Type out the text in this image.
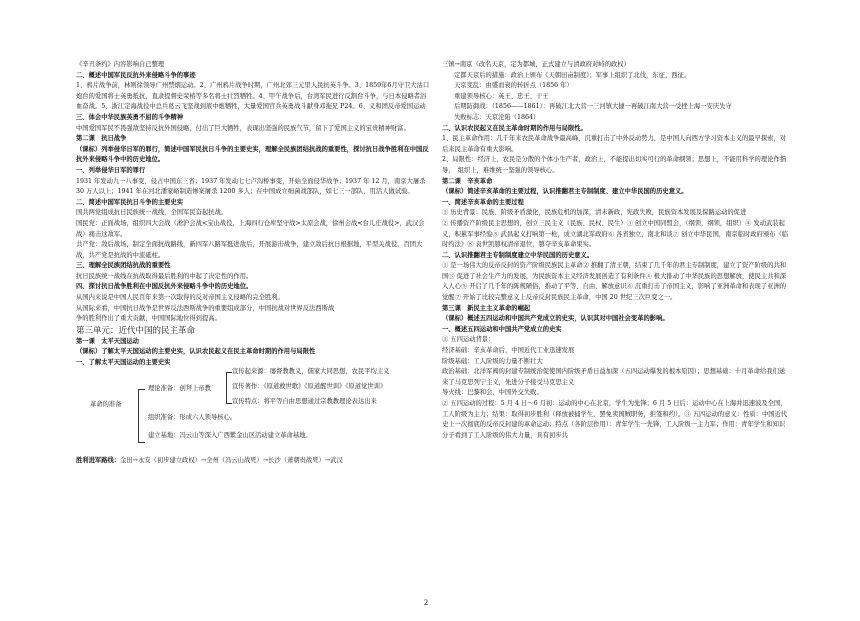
《辛丑条约》内容影响自己整理

二、概述中国军民反抗外来侵略斗争的事迹

1、鸦片战争前，林则徐领导广州禁烟运动。2、广州鸦片战争时期，广州北郊三元里人民抗英斗争。3、1859年6月守卫大沽口炮台的爱国将士英勇抵抗，直隶提督史荣椿等多名将士壮烈牺牲。4、甲午战争后，台湾军民进行反割台斗争，与日本侵略者浴血奋战。5、浙江定海战役中总兵葛云飞坚战到底中炮牺牲，大量爱国官兵英勇战斗献身邓拖兄 P24。6、义和团反帝爱国运动

三、体会中华民族英勇不屈的斗争精神

中国爱国军民不畏强敌坚持反抗外国侵略，付出了巨大牺牲，表现出坚强的民族气节，留下了爱国主义的宝贵精神财富。

第二课　抗日战争

（课标）列举侵华日军的罪行，简述中国军民抗日斗争的主要史实，理解全民族团结抗战的重要性，探讨抗日战争胜利在中国反抗外来侵略斗争中的历史地位。

一、列举侵华日军的罪行

1931 年发动九一八事变，侵占中国东三省；1937 年发动七七卢沟桥事变，开始全面侵华战争；1937 年 12 月，南京大屠杀 30 万人以上；1941 年在河北潘家峪制造惨案屠杀 1200 多人；在中国成立细菌战部队，如七三一部队，用活人做试验。

二、简述中国军民抗日斗争的主要史实

国共两党组成抗日民族统一战线，全国军民奋起抗战。

国民党：正面战场，组织四大会战（淞沪会战<宝山战役，上海四行仓库坚守战>太原会战，徐州会战<台儿庄战役>，武汉会战）痛击这敌军。

共产党：敌后战场，制定全面抗战路线，新四军八路军挺进敌后，开展游击战争，建立敌后抗日根据地，平型关战役，百团大战，共产党是抗战的中流砥柱。

三、理解全民族团结抗战的重要性

抗日民族统一战线在抗战取得最后胜利的中起了决定性的作用。

四、探讨抗日战争胜利在中国反抗外来侵略斗争中的历史地位。

从国内来说是中国人民百年来第一次取得的反对帝国主义侵略的完全胜利。

从国际来看，中国抗日战争是世界反法西斯战争的重要组成部分，中国抗战对世界反法西斯战

争的胜利作出了重大贡献，中国国际地位得到提高。

第三单元：近代中国的民主革命

第一课　太平天国运动

（课标）了解太平天国运动的主要史实，认识农民起义在民主革命时期的作用与局限性

一、了解太平天国运动的主要史实

革命的准备
理论准备：创拜上帝教
宣传起来源：屡督教教义，儒家大同思想，农民平均主义
宣传著作：《原道救世歌》《原道醒世训》《原道觉世训》
宣传特点：将平等自由思想通过宗教教理论表达出来
组织准备：形成六人领导核心。
建立基地：冯云山等深入广西紫金山区活动建立革命基地。

胜利进军路线：金田→永安（初步建立政权）→全州（冯云山战死）→长沙（萧朝贵战死）→武汉

三镇→南京（改名天京，定为都城，正式建立与清政府对峙的政权）

定都天京后的措施：政治上颁布《天朝田亩制度》；军事上组织了北伐，东征，西征。

天京变乱：由盛而衰的转折点（1856 年）

重建领导核心：英王、忠王、干王

后期防御战：（1856——1861）：再破江北大营一三河镇大捷一再破江南大营一受挫上海一安庆失守

失败标志：天京沦陷（1864）

二、认识农民起义在民主革命时期的作用与局限性。

1、民主革命作用：几千年来农民革命战争最高峰，沉重打击了中外反动势力，是中国人向西方学习资本主义的最早探索，对后来民主革命有重大影响。

2、局限性：经济上，农民是分散的个体小生产者，政治上，不能提出切实可行的革命纲领；思想上，不能用科学的理论作指导，　组织上，难维统一坚强的领导核心。

第二课　辛亥革命

（课标）简述辛亥革命的主要过程，认识推翻君主专制制度、建立中华民国的历史意义。

一、简述辛亥革命的主要过程

① 历史背景：民族、阶级矛盾激化，民族危机的加深，清末新政，宪政失败，民族资本发展及保路运动的促进

② 传播资产阶级民主思想的，创立三民主义（民族、民权、民生）③ 创立中国同盟会，（纲领，纲领，组织）④ 发动武装起义，积累军事经验⑤ 武昌起义打响第一枪，成立湖北军政府⑥ 各省独立，南北和谈⑦ 创立中华民国，南京临时政府颁布《临时约法》⑧ 袁世凯篡权清帝退位，篡夺辛亥革命果实。

二、认识推翻君主专制制度建立中华民国的历史意义。

① 是一场伟大的反帝反封的资产阶级民族民主革命② 推翻了清王朝，结束了几千年的君主专制制度，建立了资产阶级的共和国③ 促进了社会生产力的发展，为民族资本主义经济发展创造了有利条件④ 极大推动了中华民族的思想解放，使民主共和深入人心⑤ 开启了几千年的陈规陋俗，推动了平等、自由、解放意识⑥ 沉重打击了帝国主义，影响了亚洲革命和表现了亚洲的觉醒⑦ 开始了比较完整意义上反帝反封民族民主革命，中国 20 世纪三次巨变之一。

第三课　新民主主义革命的崛起

（课标）概述五四运动和中国共产党成立的史实，认识其对中国社会变革的影响。

一、概述五四运动和中国共产党成立的史实

① 五四运动背景：

经济基础：辛亥革命后，中国近代工业迅速发展

阶级基础：工人阶级的力量不断壮大

政治基础：北洋军阀的封建专制统治促使国内阶级矛盾日益加深（五四运动爆发的根本原因）；思想基础：十月革命给我们送来了马克思列宁主义，先进分子接受马克思主义

导火线：巴黎和会，中国外交失败。

② 五四运动的过程：5 月 4 日～6 月初：运动的中心在北京，学生为先锋；6 月 5 日后：运动中心在上海并迅速波及全国，工人阶级为主力；结果：取得初步胜利（释放被捕学生，罢免卖国贼职务，拒签和约）。③ 五四运动的意义：性质：中国近代史上一次彻底的反帝反封建的革命运动；特点（各阶层作用）：青年学生一先锋，工人阶级一主力军；作用：青年学生和知识分子看到了工人阶级的伟大力量，具有初步共

2
